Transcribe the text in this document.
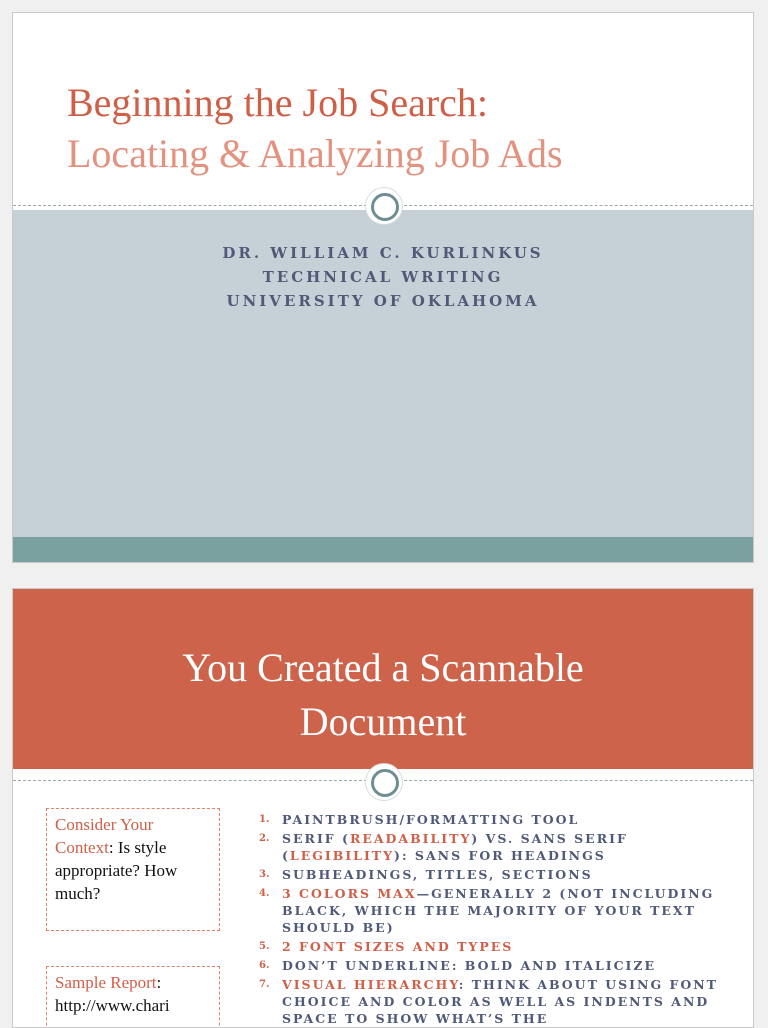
Beginning the Job Search:
Locating & Analyzing Job Ads
DR. WILLIAM C. KURLINKUS
TECHNICAL WRITING
UNIVERSITY OF OKLAHOMA
You Created a Scannable
Document
Consider Your Context: Is style appropriate? How much?
Sample Report: http://www.chari
1. PAINTBRUSH/FORMATTING TOOL
2. SERIF (READABILITY) VS. SANS SERIF (LEGIBILITY): SANS FOR HEADINGS
3. SUBHEADINGS, TITLES, SECTIONS
4. 3 COLORS MAX—GENERALLY 2 (NOT INCLUDING BLACK, WHICH THE MAJORITY OF YOUR TEXT SHOULD BE)
5. 2 FONT SIZES AND TYPES
6. DON’T UNDERLINE: BOLD AND ITALICIZE
7. VISUAL HIERARCHY: THINK ABOUT USING FONT CHOICE AND COLOR AS WELL AS INDENTS AND SPACE TO SHOW WHAT’S THE
